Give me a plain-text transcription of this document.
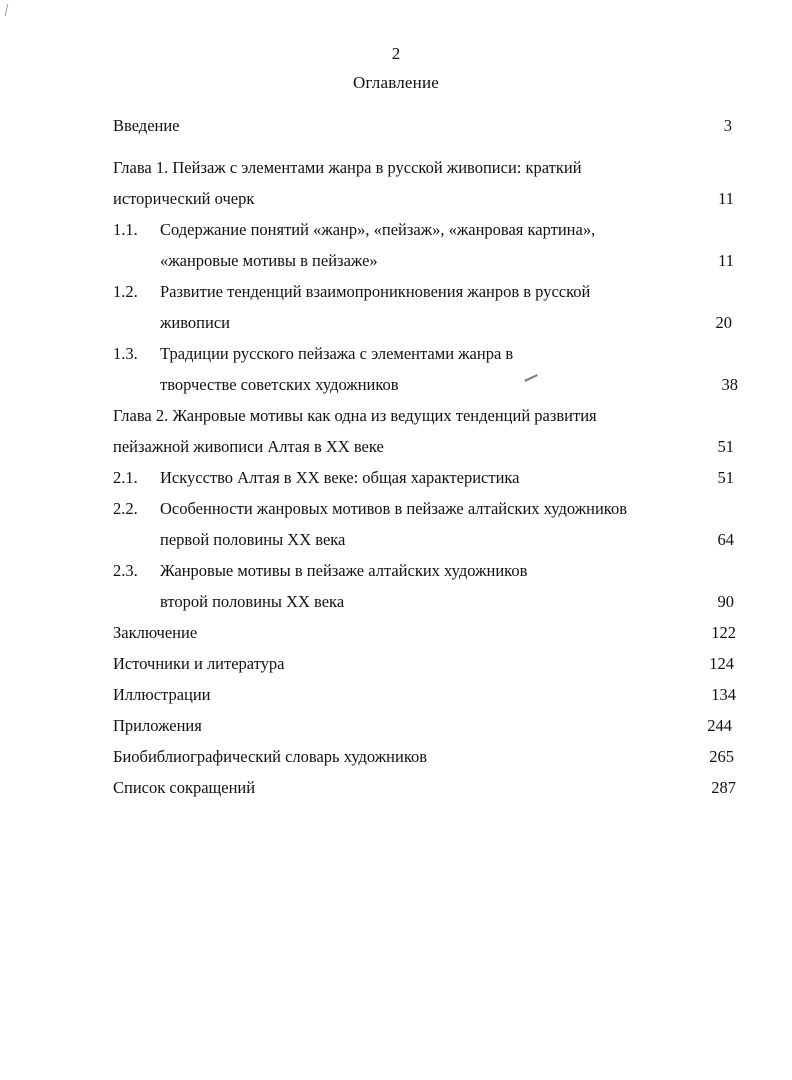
2
Оглавление
Введение	3
Глава 1. Пейзаж с элементами жанра в русской живописи: краткий
исторический очерк	11
1.1. Содержание понятий «жанр», «пейзаж», «жанровая картина»,
«жанровые мотивы в пейзаже»	11
1.2. Развитие тенденций взаимопроникновения жанров в русской
живописи	20
1.3. Традиции русского пейзажа с элементами жанра в
творчестве советских художников	38
Глава 2. Жанровые мотивы как одна из ведущих тенденций развития
пейзажной живописи Алтая в XX веке	51
2.1. Искусство Алтая в XX веке: общая характеристика	51
2.2. Особенности жанровых мотивов в пейзаже алтайских художников
первой половины XX века	64
2.3. Жанровые мотивы в пейзаже алтайских художников
второй половины XX века	90
Заключение	122
Источники и литература	124
Иллюстрации	134
Приложения	244
Биобиблиографический словарь художников	265
Список сокращений	287
